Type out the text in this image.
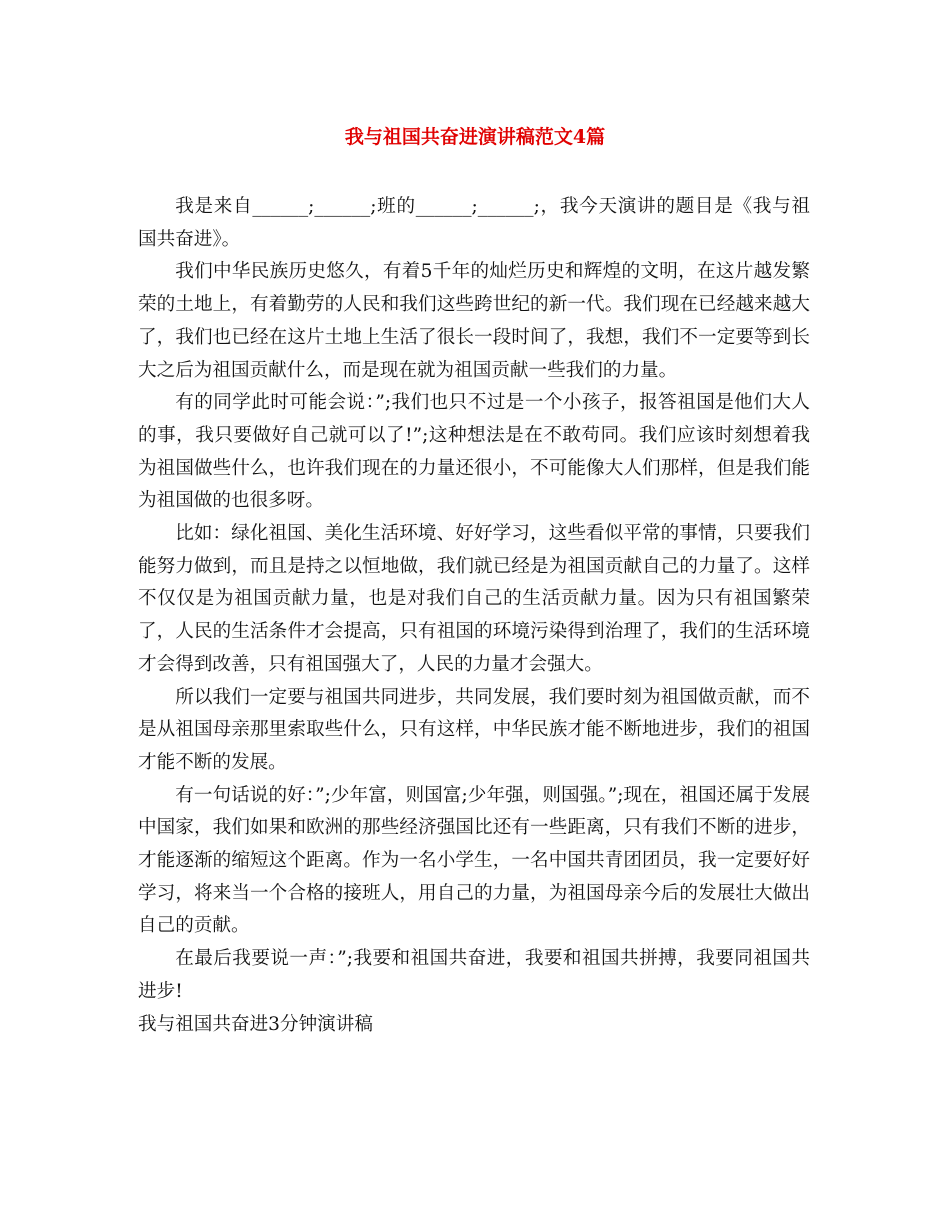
我与祖国共奋进演讲稿范文4篇

我是来自______;______;班的______;______;，我今天演讲的题目是《我与祖国共奋进》。

我们中华民族历史悠久，有着5千年的灿烂历史和辉煌的文明，在这片越发繁荣的土地上，有着勤劳的人民和我们这些跨世纪的新一代。我们现在已经越来越大了，我们也已经在这片土地上生活了很长一段时间了，我想，我们不一定要等到长大之后为祖国贡献什么，而是现在就为祖国贡献一些我们的力量。

有的同学此时可能会说：”;我们也只不过是一个小孩子，报答祖国是他们大人的事，我只要做好自己就可以了!”;这种想法是在不敢苟同。我们应该时刻想着我为祖国做些什么，也许我们现在的力量还很小，不可能像大人们那样，但是我们能为祖国做的也很多呀。

比如：绿化祖国、美化生活环境、好好学习，这些看似平常的事情，只要我们能努力做到，而且是持之以恒地做，我们就已经是为祖国贡献自己的力量了。这样不仅仅是为祖国贡献力量，也是对我们自己的生活贡献力量。因为只有祖国繁荣了，人民的生活条件才会提高，只有祖国的环境污染得到治理了，我们的生活环境才会得到改善，只有祖国强大了，人民的力量才会强大。

所以我们一定要与祖国共同进步，共同发展，我们要时刻为祖国做贡献，而不是从祖国母亲那里索取些什么，只有这样，中华民族才能不断地进步，我们的祖国才能不断的发展。

有一句话说的好：”;少年富，则国富;少年强，则国强。”;现在，祖国还属于发展中国家，我们如果和欧洲的那些经济强国比还有一些距离，只有我们不断的进步，才能逐渐的缩短这个距离。作为一名小学生，一名中国共青团团员，我一定要好好学习，将来当一个合格的接班人，用自己的力量，为祖国母亲今后的发展壮大做出自己的贡献。

在最后我要说一声：”;我要和祖国共奋进，我要和祖国共拼搏，我要同祖国共进步!

我与祖国共奋进3分钟演讲稿
